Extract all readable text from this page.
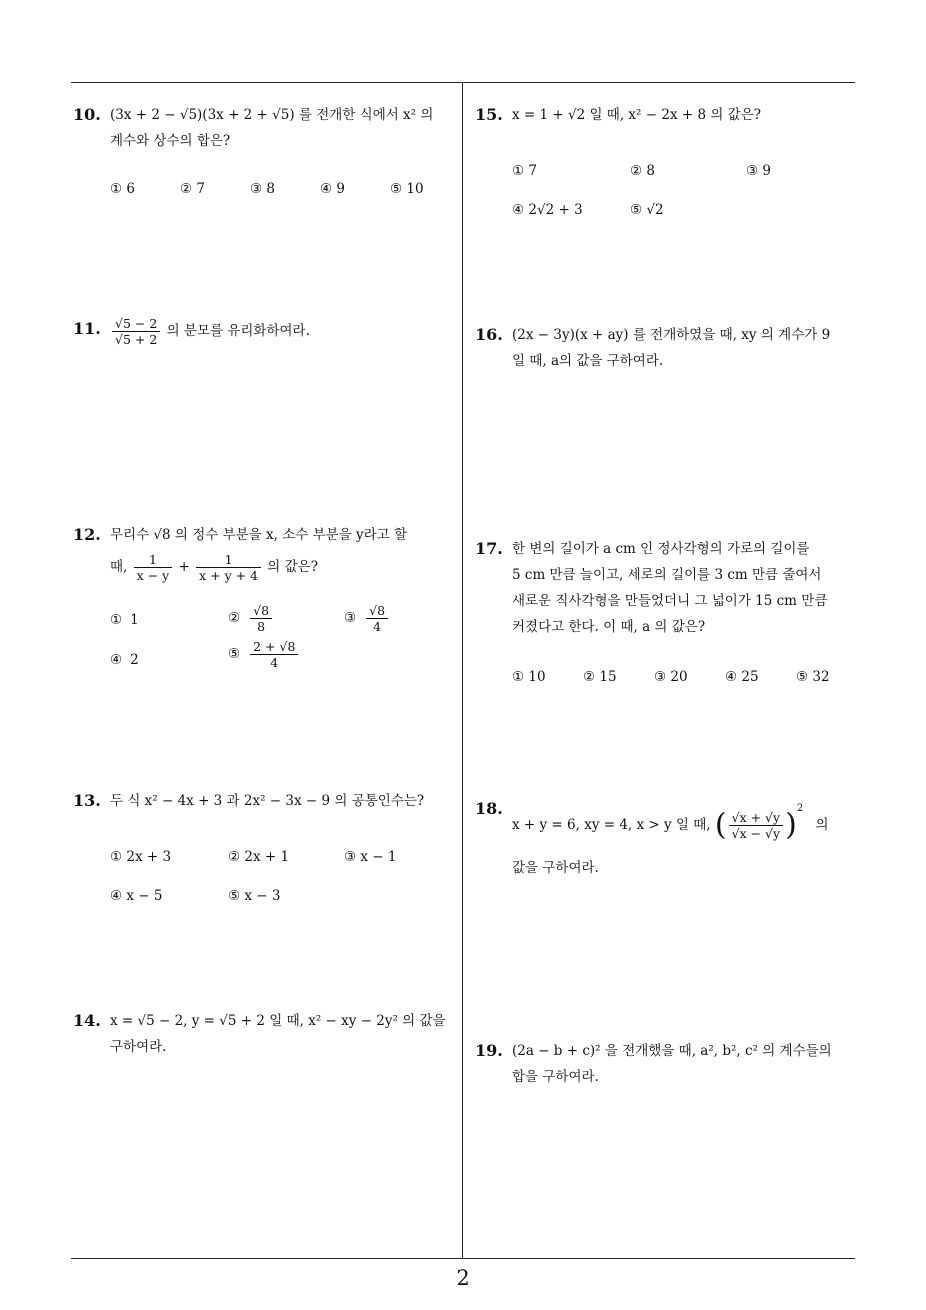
2
10. (3x + 2 − √5)(3x + 2 + √5) 를 전개한 식에서 x² 의
계수와 상수의 합은?
① 6	② 7	③ 8	④ 9	⑤ 10
11. $\frac{√5 - 2}{√5 + 2}$ 의 분모를 유리화하여라.
12. 무리수 √8 의 정수 부분을 x, 소수 부분을 y라고 할
때, $\frac{1}{x - y} + \frac{1}{x + y + 4}$ 의 값은?
① 1	② $\frac{√8}{8}$	③ $\frac{√8}{4}$
④ 2	⑤ $\frac{2 + √8}{4}$
13. 두 식 x² − 4x + 3 과 2x² − 3x − 9 의 공통인수는?
① 2x + 3	② 2x + 1	③ x − 1
④ x − 5	⑤ x − 3
14. x = √5 − 2, y = √5 + 2 일 때, x² − xy − 2y² 의 값을
구하여라.
15. x = 1 + √2 일 때, x² − 2x + 8 의 값은?
① 7	② 8	③ 9
④ 2√2 + 3	⑤ √2
16. (2x − 3y)(x + ay) 를 전개하였을 때, xy 의 계수가 9
일 때, a의 값을 구하여라.
17. 한 변의 길이가 a cm 인 정사각형의 가로의 길이를
5 cm 만큼 늘이고, 세로의 길이를 3 cm 만큼 줄여서
새로운 직사각형을 만들었더니 그 넓이가 15 cm 만큼
커졌다고 한다. 이 때, a 의 값은?
① 10	② 15	③ 20	④ 25	⑤ 32
18.
x + y = 6, xy = 4, x > y 일 때, ( $\frac{√x + √y}{√x - √y} )^2$ 의
값을 구하여라.
19. (2a − b + c)² 을 전개했을 때, a², b², c² 의 계수들의
합을 구하여라.
